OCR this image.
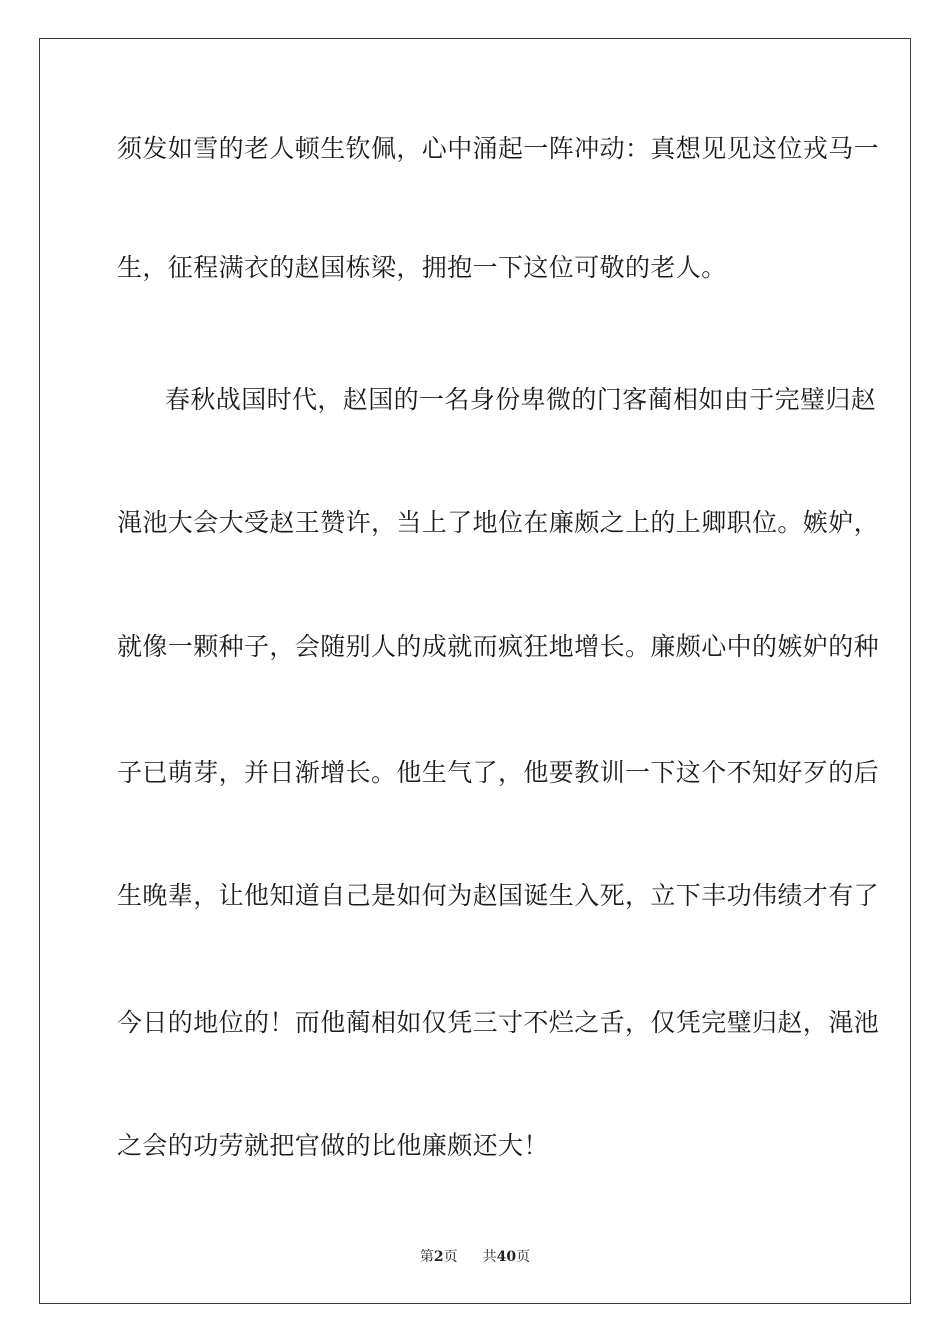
须发如雪的老人顿生钦佩，心中涌起一阵冲动：真想见见这位戎马一
生，征程满衣的赵国栋梁，拥抱一下这位可敬的老人。
春秋战国时代，赵国的一名身份卑微的门客蔺相如由于完璧归赵
渑池大会大受赵王赞许，当上了地位在廉颇之上的上卿职位。嫉妒，
就像一颗种子，会随别人的成就而疯狂地增长。廉颇心中的嫉妒的种
子已萌芽，并日渐增长。他生气了，他要教训一下这个不知好歹的后
生晚辈，让他知道自己是如何为赵国诞生入死，立下丰功伟绩才有了
今日的地位的！而他蔺相如仅凭三寸不烂之舌，仅凭完璧归赵，渑池
之会的功劳就把官做的比他廉颇还大！
第2页 共40页
